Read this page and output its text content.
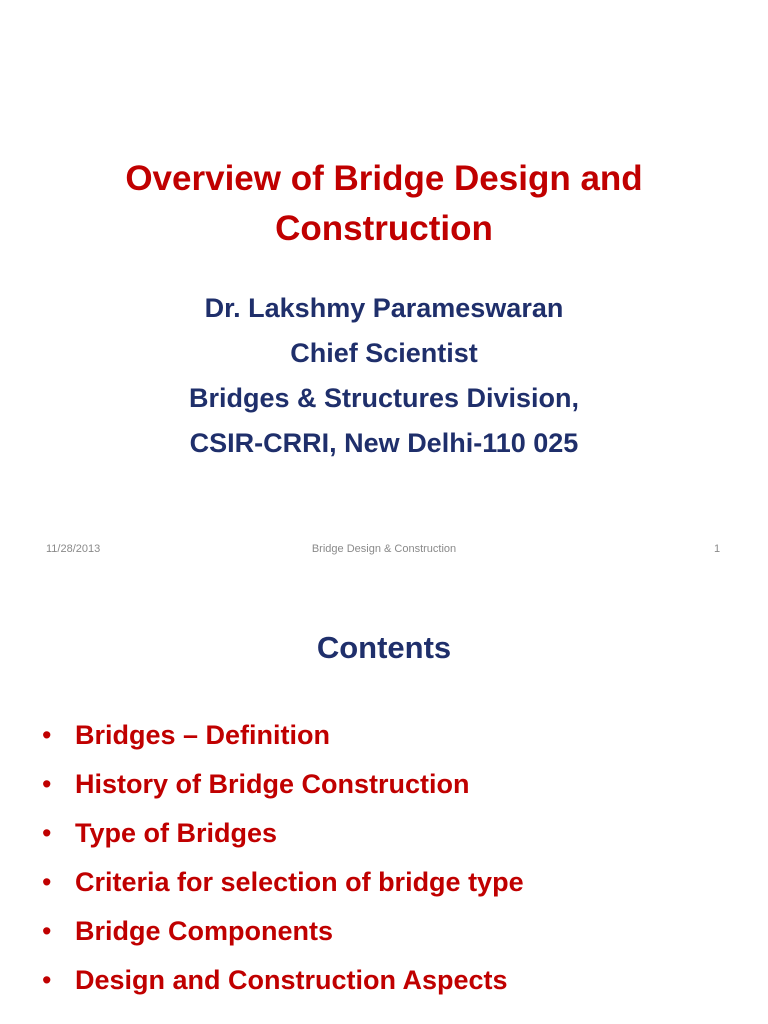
Overview of Bridge Design and
Construction
Dr. Lakshmy Parameswaran
Chief Scientist
Bridges & Structures Division,
CSIR-CRRI, New Delhi-110 025
11/28/2013	Bridge Design & Construction	1
Contents
• Bridges – Definition
• History of Bridge Construction
• Type of Bridges
• Criteria for selection of bridge type
• Bridge Components
• Design and Construction Aspects
